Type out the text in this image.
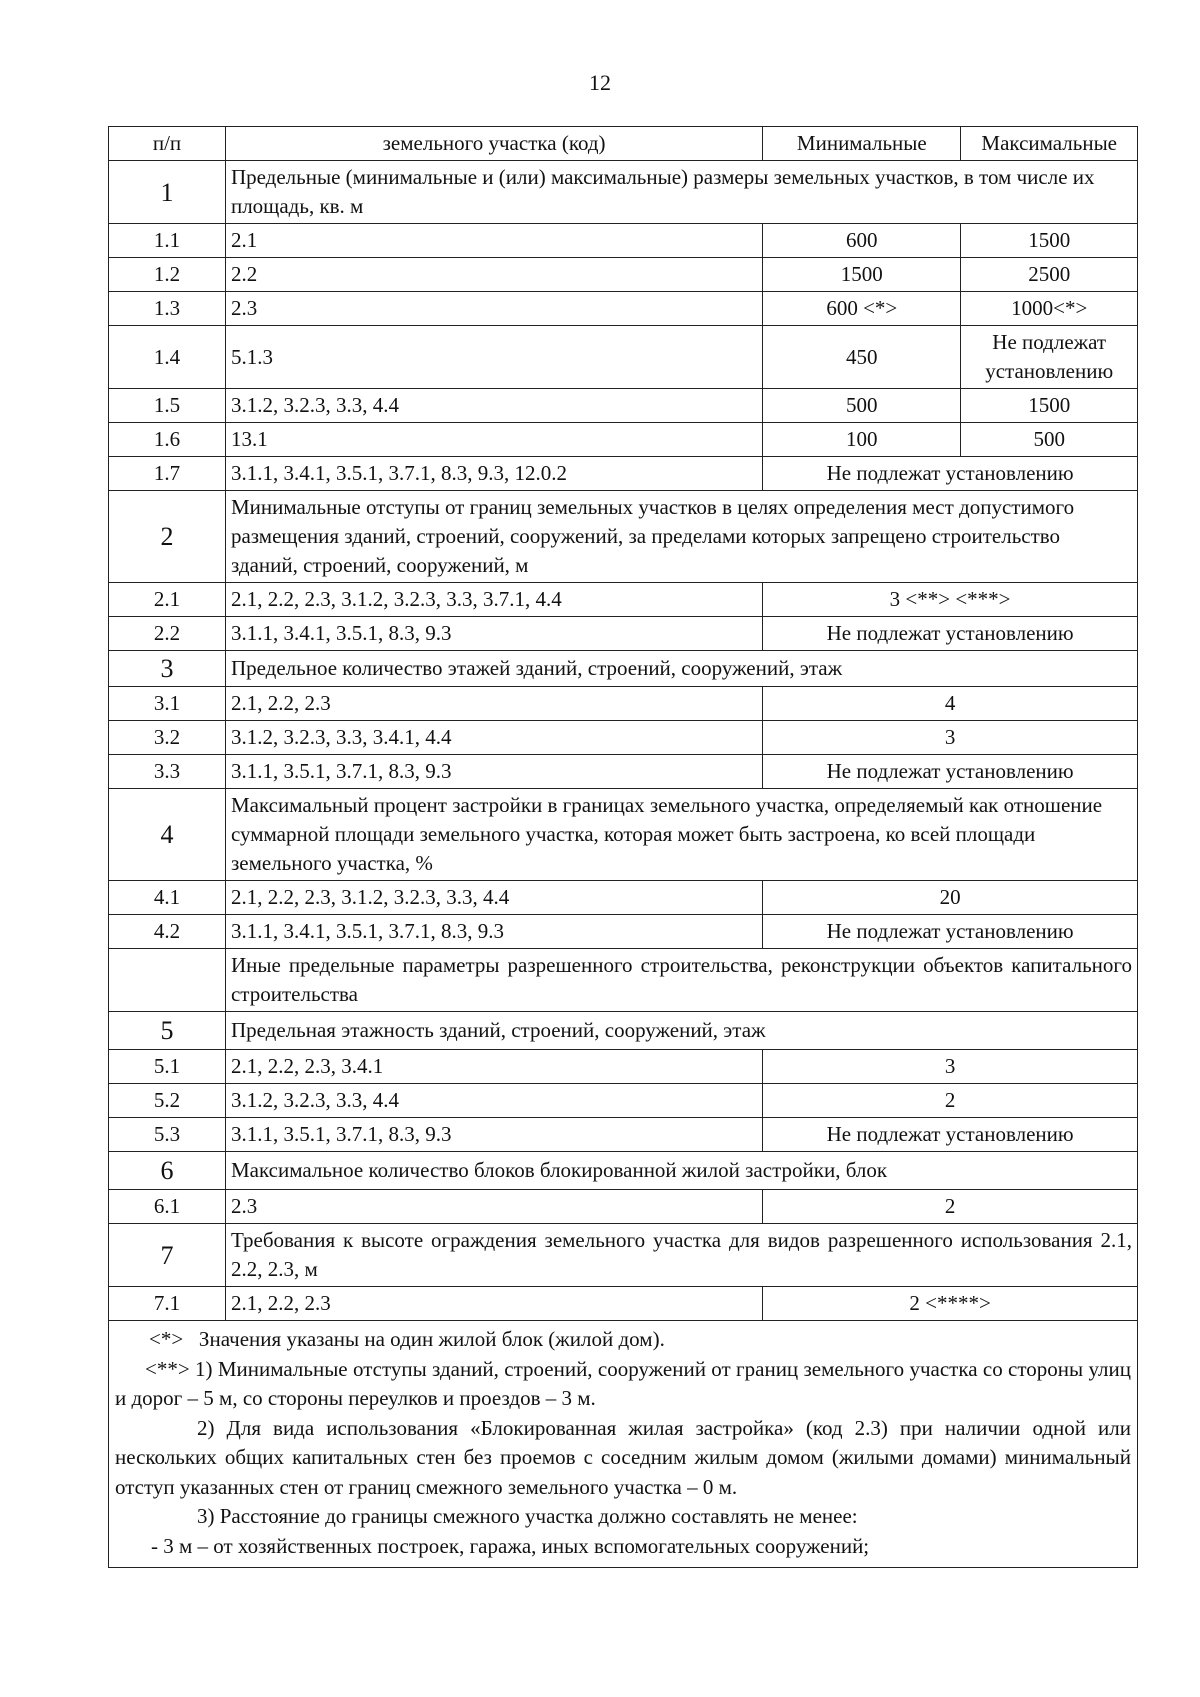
12
п/п	земельного участка (код)	Минимальные	Максимальные
1	Предельные (минимальные и (или) максимальные) размеры земельных участков, в том числе их площадь, кв. м		
1.1	2.1	600	1500
1.2	2.2	1500	2500
1.3	2.3	600 <*>	1000<*>
1.4	5.1.3	450	Не подлежат установлению
1.5	3.1.2, 3.2.3, 3.3, 4.4	500	1500
1.6	13.1	100	500
1.7	3.1.1, 3.4.1, 3.5.1, 3.7.1, 8.3, 9.3, 12.0.2	Не подлежат установлению	
2	Минимальные отступы от границ земельных участков в целях определения мест допустимого размещения зданий, строений, сооружений, за пределами которых запрещено строительство зданий, строений, сооружений, м		
2.1	2.1, 2.2, 2.3, 3.1.2, 3.2.3, 3.3, 3.7.1, 4.4	3 <**> <***>	
2.2	3.1.1, 3.4.1, 3.5.1, 8.3, 9.3	Не подлежат установлению	
3	Предельное количество этажей зданий, строений, сооружений, этаж		
3.1	2.1, 2.2, 2.3	4	
3.2	3.1.2, 3.2.3, 3.3, 3.4.1, 4.4	3	
3.3	3.1.1, 3.5.1, 3.7.1, 8.3, 9.3	Не подлежат установлению	
4	Максимальный процент застройки в границах земельного участка, определяемый как отношение суммарной площади земельного участка, которая может быть застроена, ко всей площади земельного участка, %		
4.1	2.1, 2.2, 2.3, 3.1.2, 3.2.3, 3.3, 4.4	20	
4.2	3.1.1, 3.4.1, 3.5.1, 3.7.1, 8.3, 9.3	Не подлежат установлению	
	Иные предельные параметры разрешенного строительства, реконструкции объектов капитального строительства		
5	Предельная этажность зданий, строений, сооружений, этаж		
5.1	2.1, 2.2, 2.3, 3.4.1	3	
5.2	3.1.2, 3.2.3, 3.3, 4.4	2	
5.3	3.1.1, 3.5.1, 3.7.1, 8.3, 9.3	Не подлежат установлению	
6	Максимальное количество блоков блокированной жилой застройки, блок		
6.1	2.3	2	
7	Требования к высоте ограждения земельного участка для видов разрешенного использования 2.1, 2.2, 2.3, м		
7.1	2.1, 2.2, 2.3	2 <****>	

<*>   Значения указаны на один жилой блок (жилой дом).
<**> 1) Минимальные отступы зданий, строений, сооружений от границ земельного участка со стороны улиц и дорог – 5 м, со стороны переулков и проездов – 3 м.
2) Для вида использования «Блокированная жилая застройка» (код 2.3) при наличии одной или нескольких общих капитальных стен без проемов с соседним жилым домом (жилыми домами) минимальный отступ указанных стен от границ смежного земельного участка – 0 м.
3) Расстояние до границы смежного участка должно составлять не менее:
- 3 м – от хозяйственных построек, гаража, иных вспомогательных сооружений;			
